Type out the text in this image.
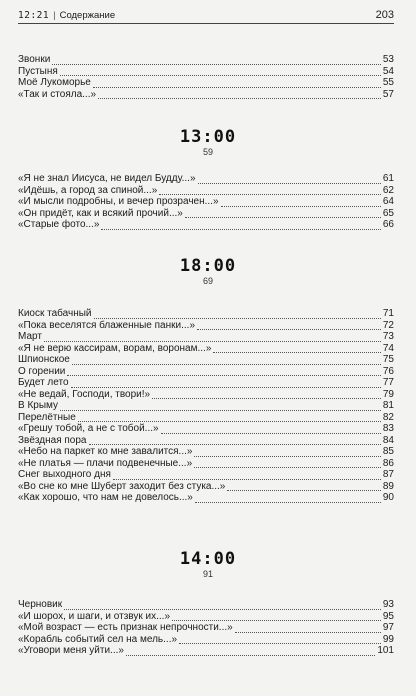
12:21 | Содержание	203
Звонки	53
Пустыня	54
Моё Лукоморье	55
«Так и стояла...»	57
13:00
59
«Я не знал Иисуса, не видел Будду...»	61
«Идёшь, а город за спиной...»	62
«И мысли подробны, и вечер прозрачен...»	64
«Он придёт, как и всякий прочий...»	65
«Старые фото...»	66
18:00
69
Киоск табачный	71
«Пока веселятся блаженные панки...»	72
Март	73
«Я не верю кассирам, ворам, воронам...»	74
Шпионское	75
О горении	76
Будет лето	77
«Не ведай, Господи, твори!»	79
В Крыму	81
Перелётные	82
«Грешу тобой, а не с тобой...»	83
Звёздная пора	84
«Небо на паркет ко мне завалится...»	85
«Не платья — плачи подвенечные...»	86
Снег выходного дня	87
«Во сне ко мне Шуберт заходит без стука...»	89
«Как хорошо, что нам не довелось...»	90
14:00
91
Черновик	93
«И шорох, и шаги, и отзвук их...»	95
«Мой возраст — есть признак непрочности...»	97
«Корабль событий сел на мель...»	99
«Уговори меня уйти...»	101
